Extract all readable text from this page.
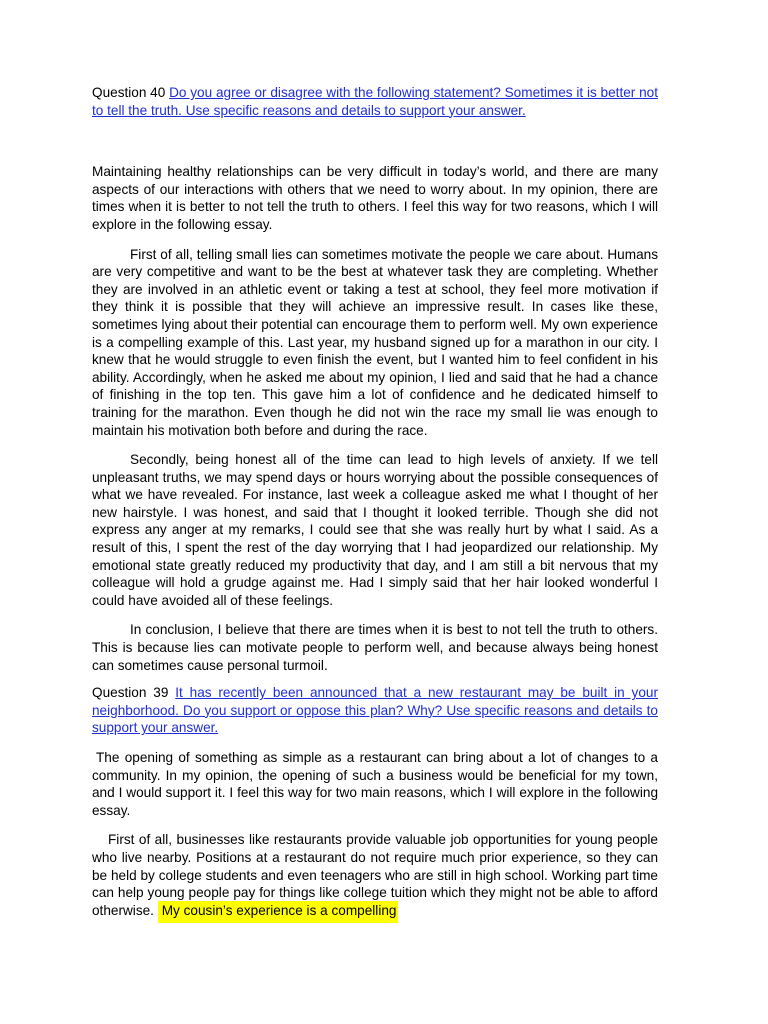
Question 40 Do you agree or disagree with the following statement? Sometimes it is better not to tell the truth. Use specific reasons and details to support your answer.

Maintaining healthy relationships can be very difficult in today’s world, and there are many aspects of our interactions with others that we need to worry about. In my opinion, there are times when it is better to not tell the truth to others. I feel this way for two reasons, which I will explore in the following essay.

First of all, telling small lies can sometimes motivate the people we care about. Humans are very competitive and want to be the best at whatever task they are completing. Whether they are involved in an athletic event or taking a test at school, they feel more motivation if they think it is possible that they will achieve an impressive result. In cases like these, sometimes lying about their potential can encourage them to perform well. My own experience is a compelling example of this. Last year, my husband signed up for a marathon in our city. I knew that he would struggle to even finish the event, but I wanted him to feel confident in his ability. Accordingly, when he asked me about my opinion, I lied and said that he had a chance of finishing in the top ten. This gave him a lot of confidence and he dedicated himself to training for the marathon. Even though he did not win the race my small lie was enough to maintain his motivation both before and during the race.

Secondly, being honest all of the time can lead to high levels of anxiety. If we tell unpleasant truths, we may spend days or hours worrying about the possible consequences of what we have revealed. For instance, last week a colleague asked me what I thought of her new hairstyle. I was honest, and said that I thought it looked terrible. Though she did not express any anger at my remarks, I could see that she was really hurt by what I said. As a result of this, I spent the rest of the day worrying that I had jeopardized our relationship. My emotional state greatly reduced my productivity that day, and I am still a bit nervous that my colleague will hold a grudge against me. Had I simply said that her hair looked wonderful I could have avoided all of these feelings.

In conclusion, I believe that there are times when it is best to not tell the truth to others. This is because lies can motivate people to perform well, and because always being honest can sometimes cause personal turmoil.

Question 39 It has recently been announced that a new restaurant may be built in your neighborhood. Do you support or oppose this plan? Why? Use specific reasons and details to support your answer.

The opening of something as simple as a restaurant can bring about a lot of changes to a community. In my opinion, the opening of such a business would be beneficial for my town, and I would support it. I feel this way for two main reasons, which I will explore in the following essay.

First of all, businesses like restaurants provide valuable job opportunities for young people who live nearby. Positions at a restaurant do not require much prior experience, so they can be held by college students and even teenagers who are still in high school. Working part time can help young people pay for things like college tuition which they might not be able to afford otherwise. My cousin’s experience is a compelling
